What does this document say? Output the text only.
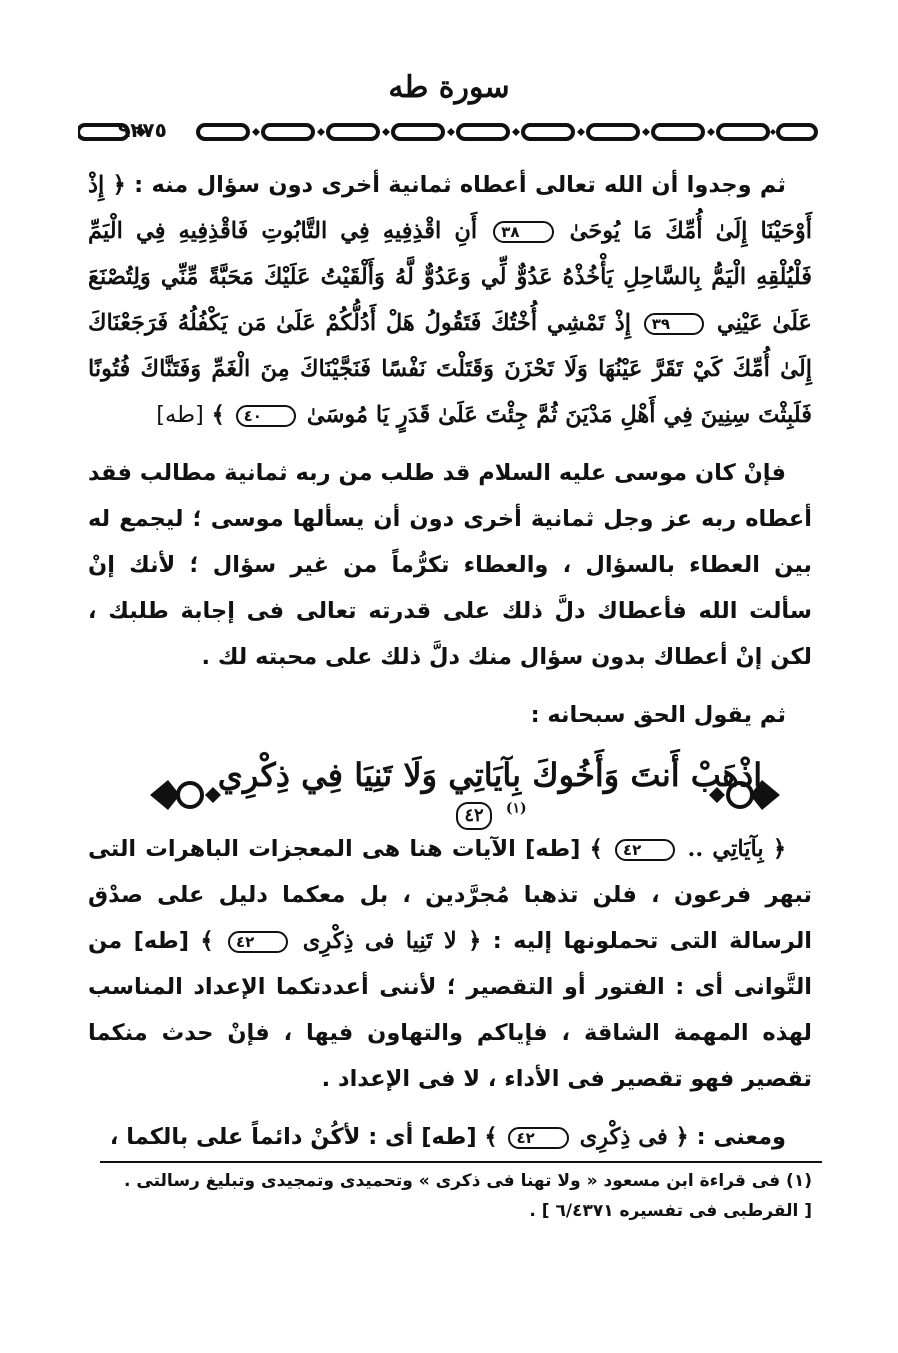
سورة طه
٩٢٧٥

ثم وجدوا أن الله تعالى أعطاه ثمانية أخرى دون سؤال منه : ﴿ إِذْ أَوْحَيْنَا إِلَىٰ أُمِّكَ مَا يُوحَىٰ ٣٨ أَنِ اقْذِفِيهِ فِي التَّابُوتِ فَاقْذِفِيهِ فِي الْيَمِّ فَلْيُلْقِهِ الْيَمُّ بِالسَّاحِلِ يَأْخُذْهُ عَدُوٌّ لِّي وَعَدُوٌّ لَّهُ وَأَلْقَيْتُ عَلَيْكَ مَحَبَّةً مِّنِّي وَلِتُصْنَعَ عَلَىٰ عَيْنِي ٣٩ إِذْ تَمْشِي أُخْتُكَ فَتَقُولُ هَلْ أَدُلُّكُمْ عَلَىٰ مَن يَكْفُلُهُ فَرَجَعْنَاكَ إِلَىٰ أُمِّكَ كَيْ تَقَرَّ عَيْنُهَا وَلَا تَحْزَنَ وَقَتَلْتَ نَفْسًا فَنَجَّيْنَاكَ مِنَ الْغَمِّ وَفَتَنَّاكَ فُتُونًا فَلَبِثْتَ سِنِينَ فِي أَهْلِ مَدْيَنَ ثُمَّ جِئْتَ عَلَىٰ قَدَرٍ يَا مُوسَىٰ ٤٠ ﴾ [طه]

فإنْ كان موسى عليه السلام قد طلب من ربه ثمانية مطالب فقد أعطاه ربه عز وجل ثمانية أخرى دون أن يسألها موسى ؛ ليجمع له بين العطاء بالسؤال ، والعطاء تكرُّماً من غير سؤال ؛ لأنك إنْ سألت الله فأعطاك دلَّ ذلك على قدرته تعالى فى إجابة طلبك ، لكن إنْ أعطاك بدون سؤال منك دلَّ ذلك على محبته لك .

ثم يقول الحق سبحانه :

﴿ بِآيَاتِي .. ٤٢ ﴾ [طه] الآيات هنا هى المعجزات الباهرات التى تبهر فرعون ، فلن تذهبا مُجرَّدين ، بل معكما دليل على صدْق الرسالة التى تحملونها إليه : ﴿ لا تَنِيا فى ذِكْرِى ٤٢ ﴾ [طه] من التَّوانى أى : الفتور أو التقصير ؛ لأننى أعددتكما الإعداد المناسب لهذه المهمة الشاقة ، فإياكم والتهاون فيها ، فإنْ حدث منكما تقصير فهو تقصير فى الأداء ، لا فى الإعداد .

ومعنى : ﴿ فى ذِكْرِى ٤٢ ﴾ [طه] أى : لأكُنْ دائماً على بالكما ،

اذْهَبْ أَنتَ وَأَخُوكَ بِآيَاتِي وَلَا تَنِيَا فِي ذِكْرِي $^{(١)}$ ٤٢
(١) فى قراءة ابن مسعود « ولا تهنا فى ذكرى » وتحميدى وتمجيدى وتبليغ رسالتى .
[ القرطبى فى تفسيره ٦/٤٣٧١ ] .
